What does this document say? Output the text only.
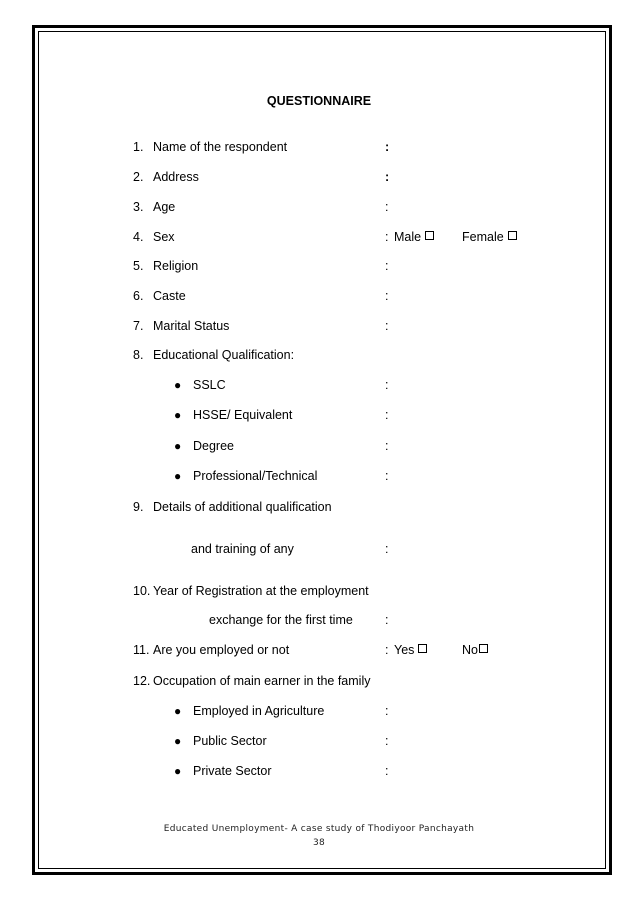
QUESTIONNAIRE
1. Name of the respondent	:
2. Address	:
3. Age	:
4. Sex	: Male	Female
5. Religion	:
6. Caste	:
7. Marital Status	:
8. Educational Qualification:
● SSLC	:
● HSSE/ Equivalent	:
● Degree	:
● Professional/Technical	:
9. Details of additional qualification
and training of any	:
10. Year of Registration at the employment
exchange for the first time	:
11. Are you employed or not	: Yes	No
12. Occupation of main earner in the family
● Employed in Agriculture	:
● Public Sector	:
● Private Sector	:
Educated Unemployment- A case study of Thodiyoor Panchayath
38
